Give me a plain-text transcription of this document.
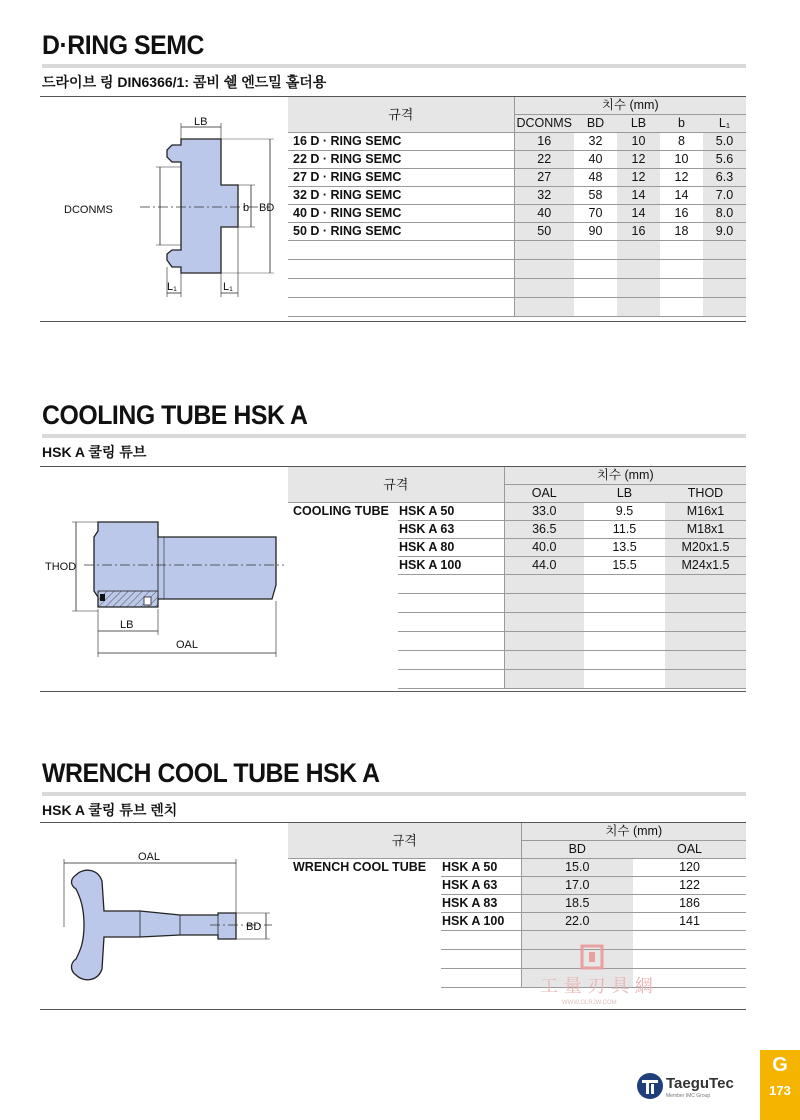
D·RING SEMC
드라이브 링 DIN6366/1: 콤비 쉘 엔드밀 홀더용
LB
DCONMS	b BD
L₁	L₁
규격	치수 (mm)				
	DCONMS	BD	LB	b	L₁
16 D · RING SEMC	16	32	10	8	5.0
22 D · RING SEMC	22	40	12	10	5.6
27 D · RING SEMC	27	48	12	12	6.3
32 D · RING SEMC	32	58	14	14	7.0
40 D · RING SEMC	40	70	14	16	8.0
50 D · RING SEMC	50	90	16	18	9.0

COOLING TUBE HSK A
HSK A 쿨링 튜브
THOD
LB
OAL
규격		치수 (mm)		
		OAL	LB	THOD
COOLING TUBE	HSK A 50	33.0	9.5	M16x1
	HSK A 63	36.5	11.5	M18x1
	HSK A 80	40.0	13.5	M20x1.5
	HSK A 100	44.0	15.5	M24x1.5

WRENCH COOL TUBE HSK A
HSK A 쿨링 튜브 렌치
OAL
BD
규격		치수 (mm)	
		BD	OAL
WRENCH COOL TUBE	HSK A 50	15.0	120
	HSK A 63	17.0	122
	HSK A 83	18.5	186
	HSK A 100	22.0	141

工 量 刃 具 網
WWW.GLRJW.COM
TaeguTec
Member IMC Group
G
173
